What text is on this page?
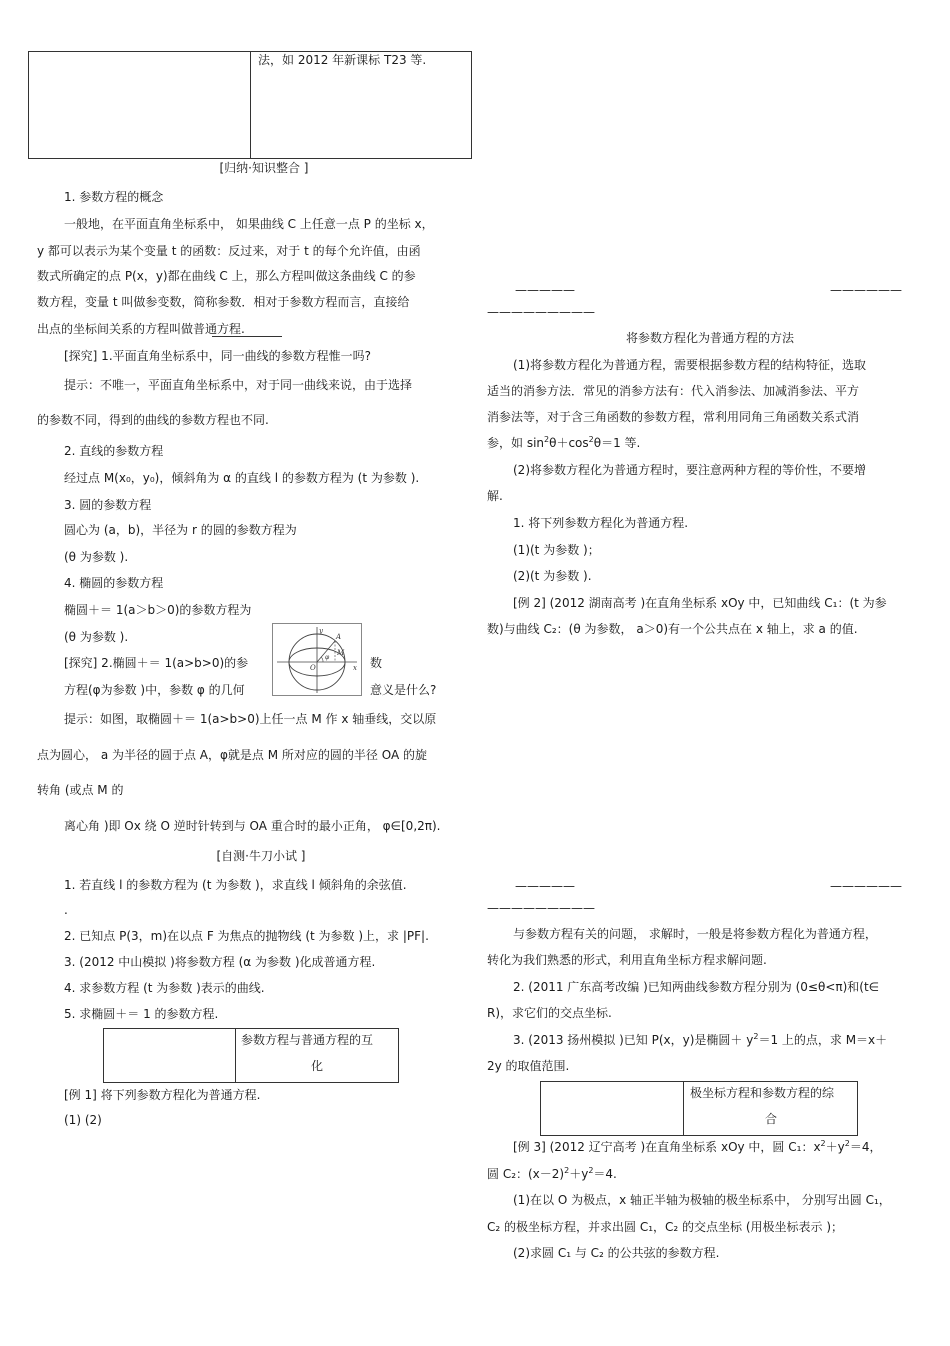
法，如 2012 年新课标 T23 等.
[归纳·知识整合 ]
1. 参数方程的概念
一般地，在平面直角坐标系中， 如果曲线 C 上任意一点 P 的坐标 x，
y 都可以表示为某个变量 t 的函数：反过来，对于 t 的每个允许值，由函
数式所确定的点 P(x，y)都在曲线 C 上，那么方程叫做这条曲线 C 的参
数方程，变量 t 叫做参变数，简称参数．相对于参数方程而言，直接给
出点的坐标间关系的方程叫做普通方程.
[探究] 1.平面直角坐标系中，同一曲线的参数方程惟一吗?
提示：不唯一，平面直角坐标系中，对于同一曲线来说，由于选择
的参数不同，得到的曲线的参数方程也不同.
2. 直线的参数方程
经过点 M(x₀，y₀)，倾斜角为 α 的直线 l 的参数方程为 (t 为参数 ).
3. 圆的参数方程
圆心为 (a，b)，半径为 r 的圆的参数方程为
(θ 为参数 ).
4. 椭圆的参数方程
椭圆＋＝ 1(a＞b＞0)的参数方程为
(θ 为参数 ).
[探究] 2.椭圆＋＝ 1(a>b>0)的参	数
方程(φ为参数 )中，参数 φ 的几何	意义是什么?
y
A
M
O	x
φ
提示：如图，取椭圆＋＝ 1(a>b>0)上任一点 M 作 x 轴垂线，交以原
点为圆心， a 为半径的圆于点 A，φ就是点 M 所对应的圆的半径 OA 的旋
转角 (或点 M 的
离心角 )即 Ox 绕 O 逆时针转到与 OA 重合时的最小正角， φ∈[0,2π).
[自测·牛刀小试 ]
1. 若直线 l 的参数方程为 (t 为参数 )，求直线 l 倾斜角的余弦值.
.
2. 已知点 P(3，m)在以点 F 为焦点的抛物线 (t 为参数 )上，求 |PF|.
3. (2012 中山模拟 )将参数方程 (α 为参数 )化成普通方程.
4. 求参数方程 (t 为参数 )表示的曲线.
5. 求椭圆＋＝ 1 的参数方程.
参数方程与普通方程的互
化
[例 1] 将下列参数方程化为普通方程.
(1) (2)
—————	——————
—————————
将参数方程化为普通方程的方法
(1)将参数方程化为普通方程，需要根据参数方程的结构特征，选取
适当的消参方法．常见的消参方法有：代入消参法、加减消参法、平方
消参法等，对于含三角函数的参数方程，常利用同角三角函数关系式消
参，如 $\sin^2\theta+\cos^2\theta=1$ 等.
(2)将参数方程化为普通方程时，要注意两种方程的等价性，不要增
解.
1. 将下列参数方程化为普通方程.
(1)(t 为参数 )；
(2)(t 为参数 ).
[例 2] (2012 湖南高考 )在直角坐标系 xOy 中，已知曲线 C₁：(t 为参
数)与曲线 C₂：(θ 为参数， a＞0)有一个公共点在 x 轴上，求 a 的值.
—————	——————
—————————
与参数方程有关的问题， 求解时，一般是将参数方程化为普通方程，
转化为我们熟悉的形式，利用直角坐标方程求解问题.
2. (2011 广东高考改编 )已知两曲线参数方程分别为 (0≤θ<π)和(t∈
R)，求它们的交点坐标.
3. (2013 扬州模拟 )已知 P(x，y)是椭圆＋ $y^2=1$ 上的点，求 M＝x＋
2y 的取值范围.
极坐标方程和参数方程的综
合
[例 3] (2012 辽宁高考 )在直角坐标系 xOy 中，圆 C₁：$x^2+y^2=4$，
圆 C₂：$(x-2)^2+y^2=4$.
(1)在以 O 为极点，x 轴正半轴为极轴的极坐标系中， 分别写出圆 C₁，
C₂ 的极坐标方程，并求出圆 C₁，C₂ 的交点坐标 (用极坐标表示 )；
(2)求圆 C₁ 与 C₂ 的公共弦的参数方程.
